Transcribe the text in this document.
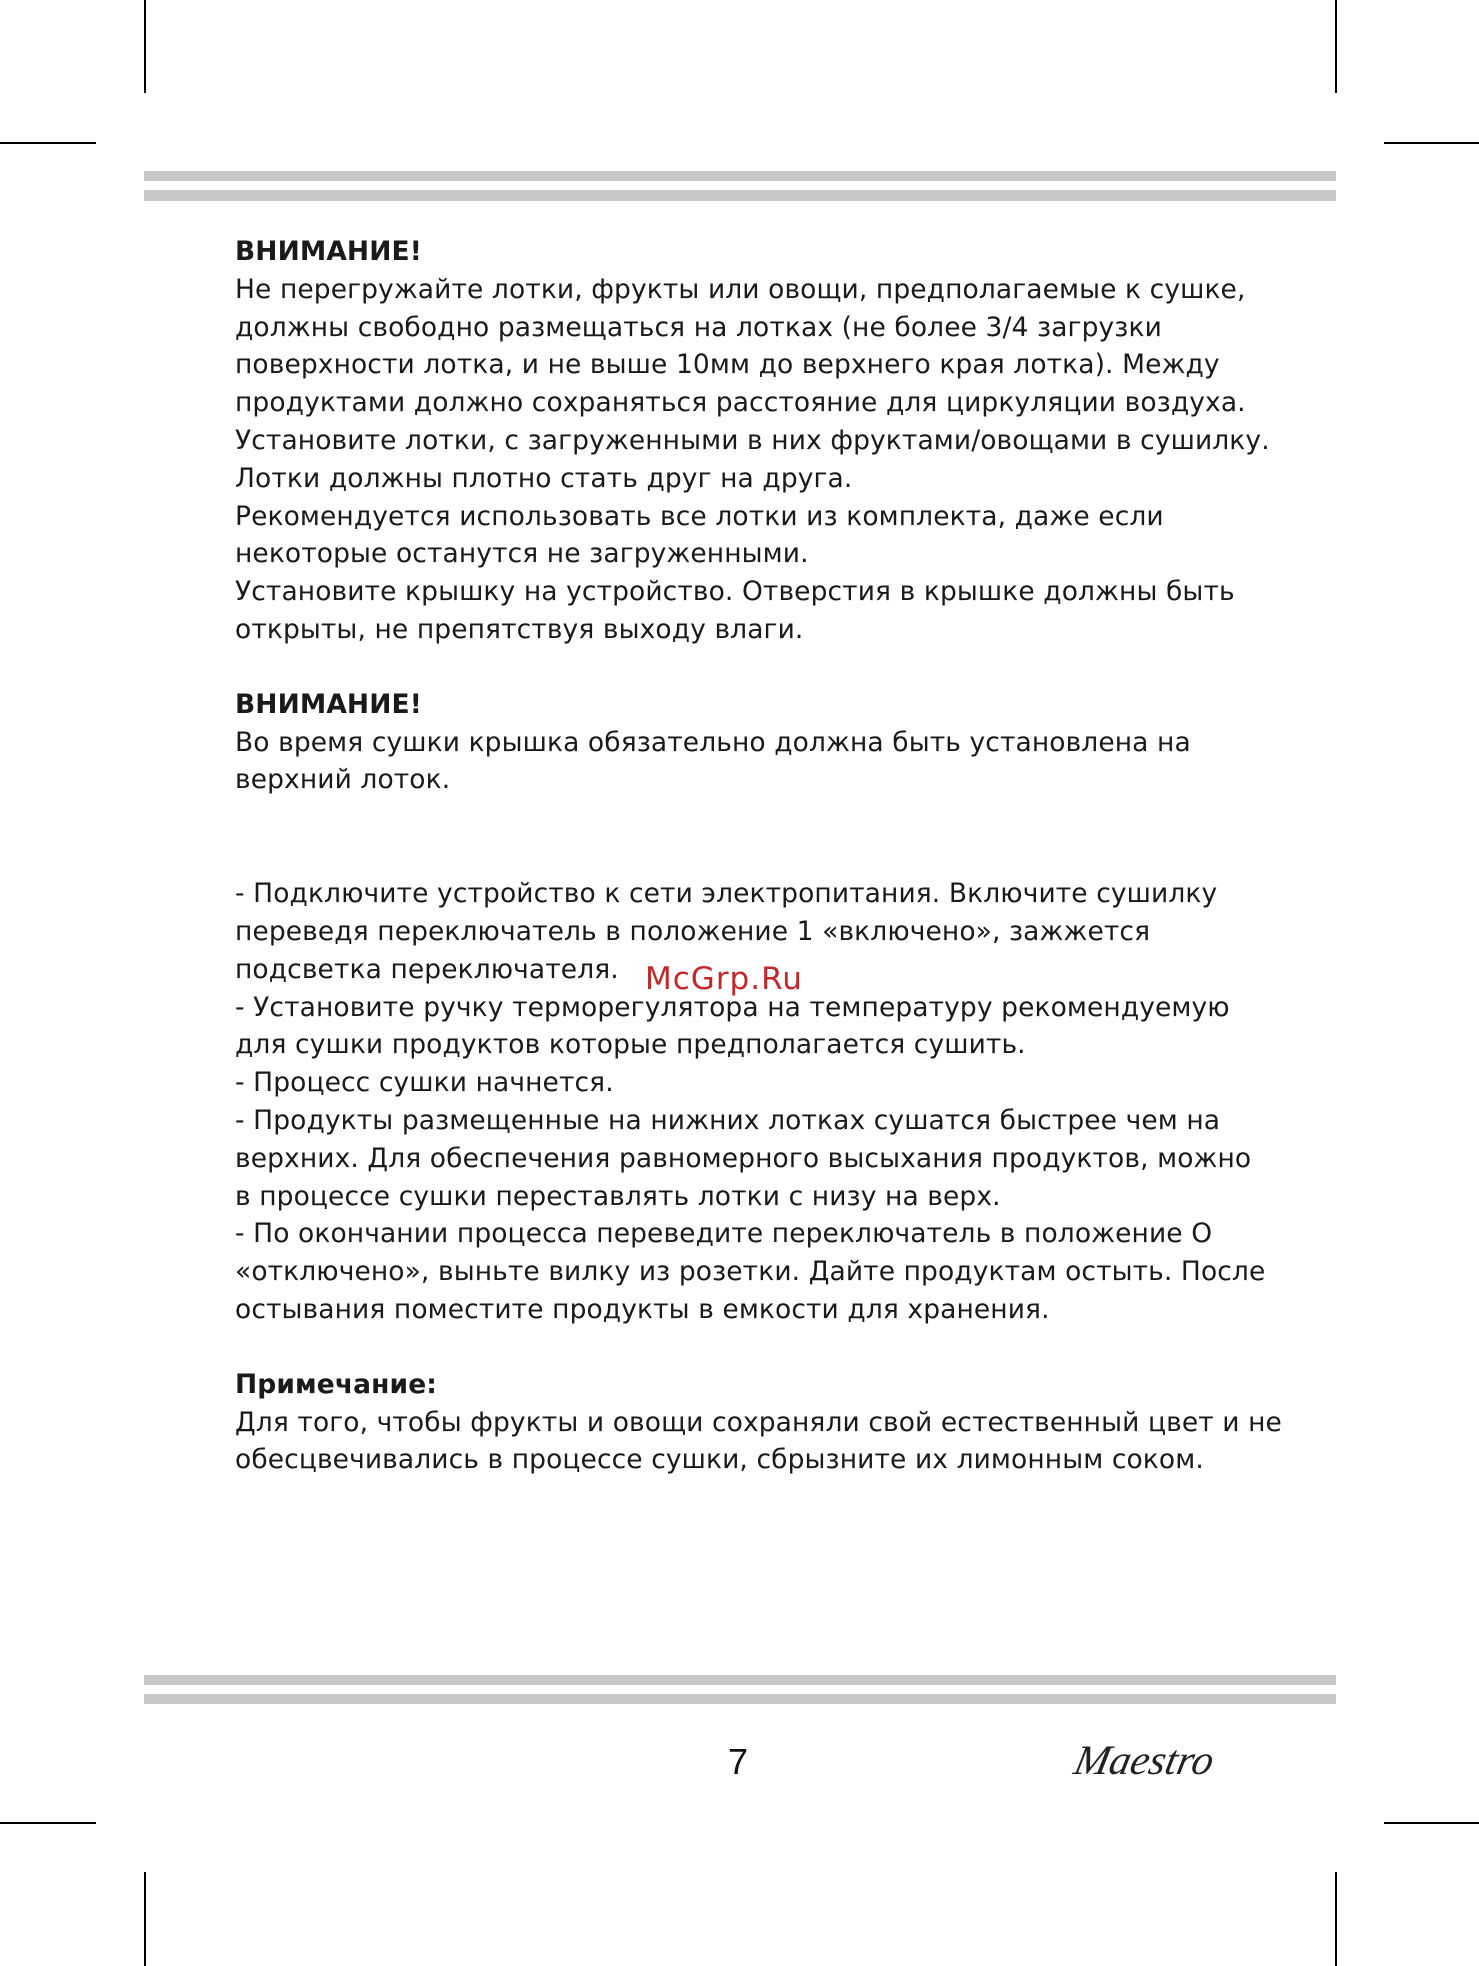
ВНИМАНИЕ!

Не перегружайте лотки, фрукты или овощи, предполагаемые к сушке,

должны свободно размещаться на лотках (не более 3/4 загрузки

поверхности лотка, и не выше 10мм до верхнего края лотка). Между

продуктами должно сохраняться расстояние для циркуляции воздуха.

Установите лотки, с загруженными в них фруктами/овощами в сушилку.

Лотки должны плотно стать друг на друга.

Рекомендуется использовать все лотки из комплекта, даже если

некоторые останутся не загруженными.

Установите крышку на устройство. Отверстия в крышке должны быть

открыты, не препятствуя выходу влаги.

ВНИМАНИЕ!

Во время сушки крышка обязательно должна быть установлена на

верхний лоток.

- Подключите устройство к сети электропитания. Включите сушилку

переведя переключатель в положение 1 «включено», зажжется

подсветка переключателя.

- Установите ручку терморегулятора на температуру рекомендуемую

для сушки продуктов которые предполагается сушить.

- Процесс сушки начнется.

- Продукты размещенные на нижних лотках сушатся быстрее чем на

верхних. Для обеспечения равномерного высыхания продуктов, можно

в процессе сушки переставлять лотки с низу на верх.

- По окончании процесса переведите переключатель в положение О

«отключено», выньте вилку из розетки. Дайте продуктам остыть. После

остывания поместите продукты в емкости для хранения.

Примечание:

Для того, чтобы фрукты и овощи сохраняли свой естественный цвет и не

обесцвечивались в процессе сушки, сбрызните их лимонным соком.

McGrp.Ru
7	Maestro
